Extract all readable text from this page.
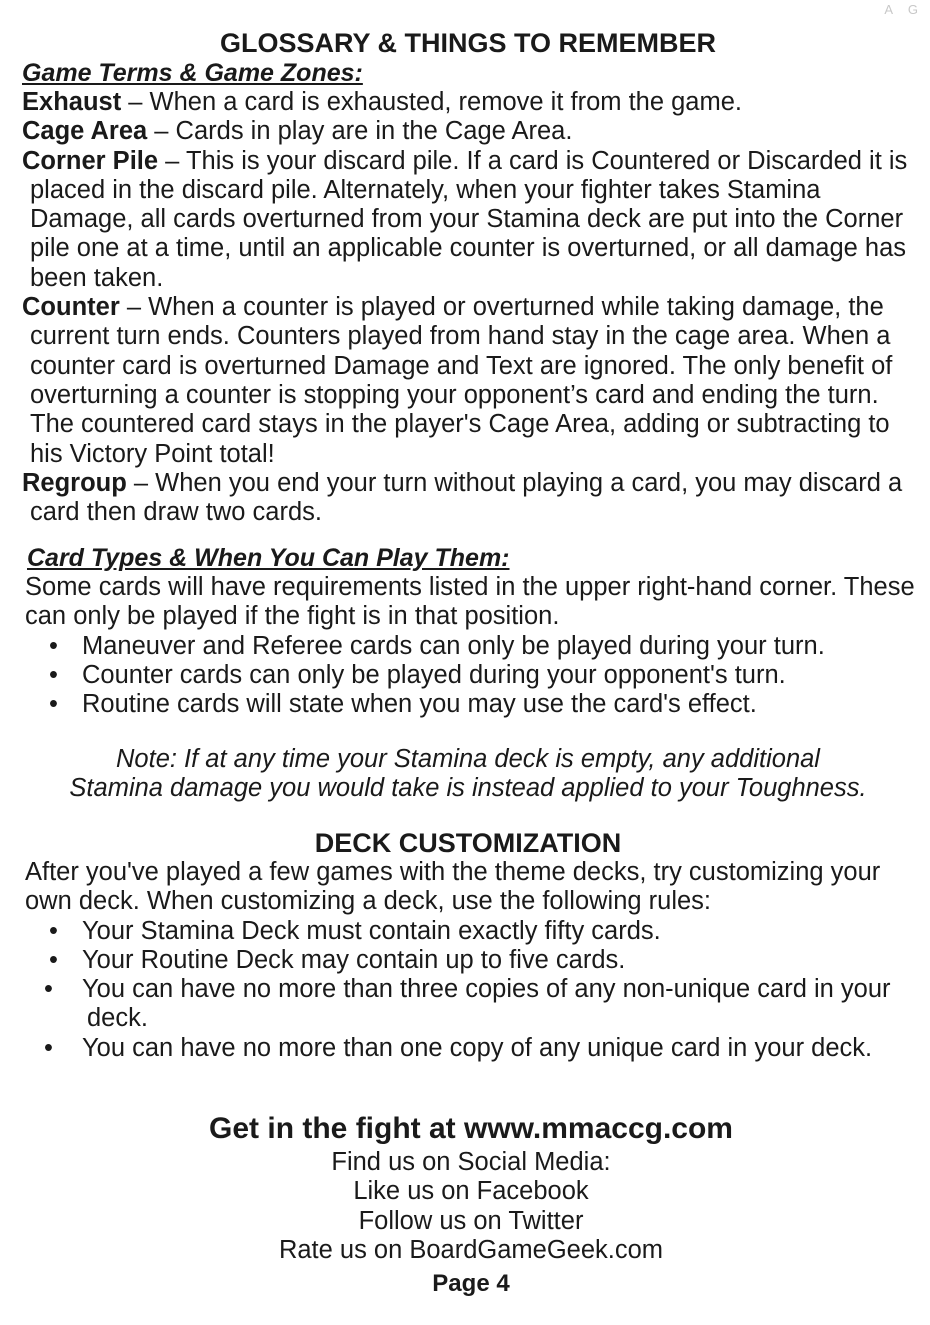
A G
GLOSSARY & THINGS TO REMEMBER

Game Terms & Game Zones:

Exhaust – When a card is exhausted, remove it from the game.

Cage Area – Cards in play are in the Cage Area.

Corner Pile – This is your discard pile. If a card is Countered or Discarded it is placed in the discard pile. Alternately, when your fighter takes Stamina Damage, all cards overturned from your Stamina deck are put into the Corner pile one at a time, until an applicable counter is overturned, or all damage has been taken.

Counter – When a counter is played or overturned while taking damage, the current turn ends. Counters played from hand stay in the cage area. When a counter card is overturned Damage and Text are ignored. The only benefit of overturning a counter is stopping your opponent’s card and ending the turn. The countered card stays in the player's Cage Area, adding or subtracting to his Victory Point total!

Regroup – When you end your turn without playing a card, you may discard a card then draw two cards.

Card Types & When You Can Play Them:

Some cards will have requirements listed in the upper right-hand corner. These can only be played if the fight is in that position.

• Maneuver and Referee cards can only be played during your turn.
• Counter cards can only be played during your opponent's turn.
• Routine cards will state when you may use the card's effect.
Note: If at any time your Stamina deck is empty, any additional
Stamina damage you would take is instead applied to your Toughness.
DECK CUSTOMIZATION

After you've played a few games with the theme decks, try customizing your own deck. When customizing a deck, use the following rules:

• Your Stamina Deck must contain exactly fifty cards.
• Your Routine Deck may contain up to five cards.
• You can have no more than three copies of any non-unique card in your deck.
• You can have no more than one copy of any unique card in your deck.

Get in the fight at www.mmaccg.com

Find us on Social Media:

Like us on Facebook

Follow us on Twitter

Rate us on BoardGameGeek.com

Page 4
